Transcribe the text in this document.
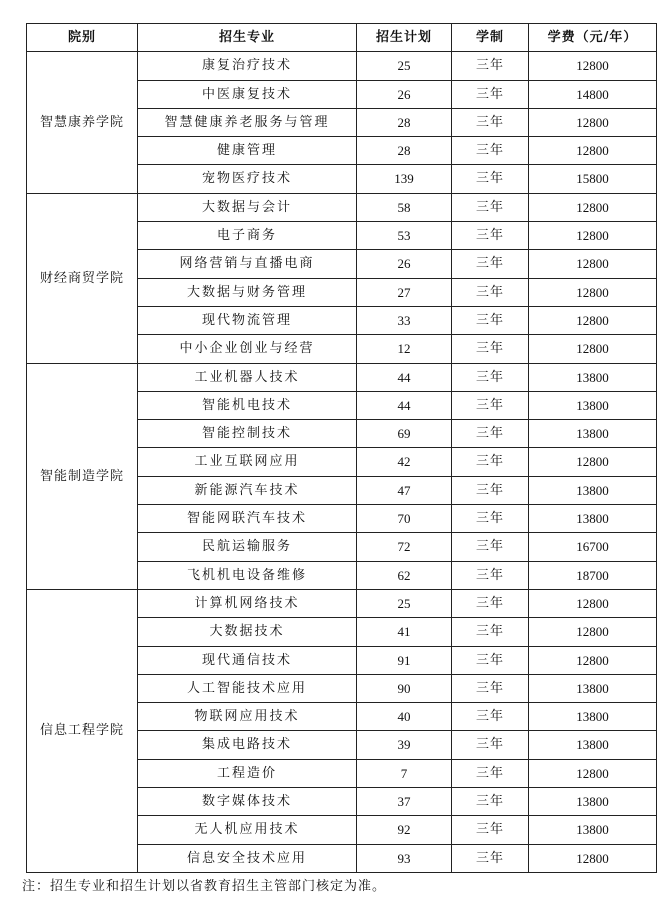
院别	招生专业	招生计划	学制	学费（元/年）
智慧康养学院	康复治疗技术	25	三年	12800
	中医康复技术	26	三年	14800
	智慧健康养老服务与管理	28	三年	12800
	健康管理	28	三年	12800
	宠物医疗技术	139	三年	15800
财经商贸学院	大数据与会计	58	三年	12800
	电子商务	53	三年	12800
	网络营销与直播电商	26	三年	12800
	大数据与财务管理	27	三年	12800
	现代物流管理	33	三年	12800
	中小企业创业与经营	12	三年	12800
智能制造学院	工业机器人技术	44	三年	13800
	智能机电技术	44	三年	13800
	智能控制技术	69	三年	13800
	工业互联网应用	42	三年	12800
	新能源汽车技术	47	三年	13800
	智能网联汽车技术	70	三年	13800
	民航运输服务	72	三年	16700
	飞机机电设备维修	62	三年	18700
信息工程学院	计算机网络技术	25	三年	12800
	大数据技术	41	三年	12800
	现代通信技术	91	三年	12800
	人工智能技术应用	90	三年	13800
	物联网应用技术	40	三年	13800
	集成电路技术	39	三年	13800
	工程造价	7	三年	12800
	数字媒体技术	37	三年	13800
	无人机应用技术	92	三年	13800
	信息安全技术应用	93	三年	12800
注：招生专业和招生计划以省教育招生主管部门核定为准。
